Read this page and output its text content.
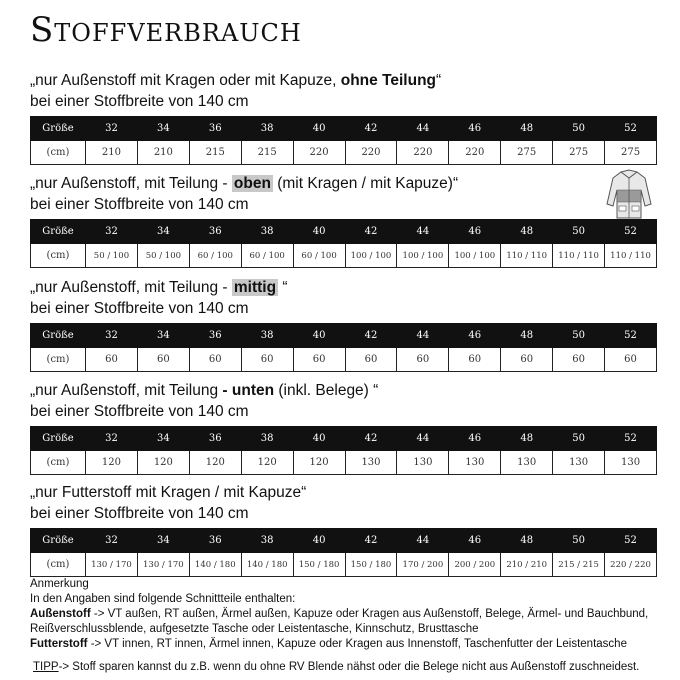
Stoffverbrauch
„nur Außenstoff mit Kragen oder mit Kapuze, ohne Teilung“
bei einer Stoffbreite von 140 cm
Größe	32	34	36	38	40	42	44	46	48	50	52
(cm)	210	210	215	215	220	220	220	220	275	275	275
„nur Außenstoff, mit Teilung - oben (mit Kragen / mit Kapuze)“
bei einer Stoffbreite von 140 cm
Größe	32	34	36	38	40	42	44	46	48	50	52
(cm)	50 / 100	50 / 100	60 / 100	60 / 100	60 / 100	100 / 100	100 / 100	100 / 100	110 / 110	110 / 110	110 / 110
„nur Außenstoff, mit Teilung - mittig “
bei einer Stoffbreite von 140 cm
Größe	32	34	36	38	40	42	44	46	48	50	52
(cm)	60	60	60	60	60	60	60	60	60	60	60
„nur Außenstoff, mit Teilung - unten (inkl. Belege) “
bei einer Stoffbreite von 140 cm
Größe	32	34	36	38	40	42	44	46	48	50	52
(cm)	120	120	120	120	120	130	130	130	130	130	130
„nur Futterstoff mit Kragen / mit Kapuze“
bei einer Stoffbreite von 140 cm
Größe	32	34	36	38	40	42	44	46	48	50	52
(cm)	130 / 170	130 / 170	140 / 180	140 / 180	150 / 180	150 / 180	170 / 200	200 / 200	210 / 210	215 / 215	220 / 220
Anmerkung
In den Angaben sind folgende Schnittteile enthalten:
Außenstoff -> VT außen, RT außen, Ärmel außen, Kapuze oder Kragen aus Außenstoff, Belege, Ärmel- und Bauchbund,
Reißverschlussblende, aufgesetzte Tasche oder Leistentasche, Kinnschutz, Brusttasche
Futterstoff -> VT innen, RT innen, Ärmel innen, Kapuze oder Kragen aus Innenstoff, Taschenfutter der Leistentasche
TIPP-> Stoff sparen kannst du z.B. wenn du ohne RV Blende nähst oder die Belege nicht aus Außenstoff zuschneidest.
